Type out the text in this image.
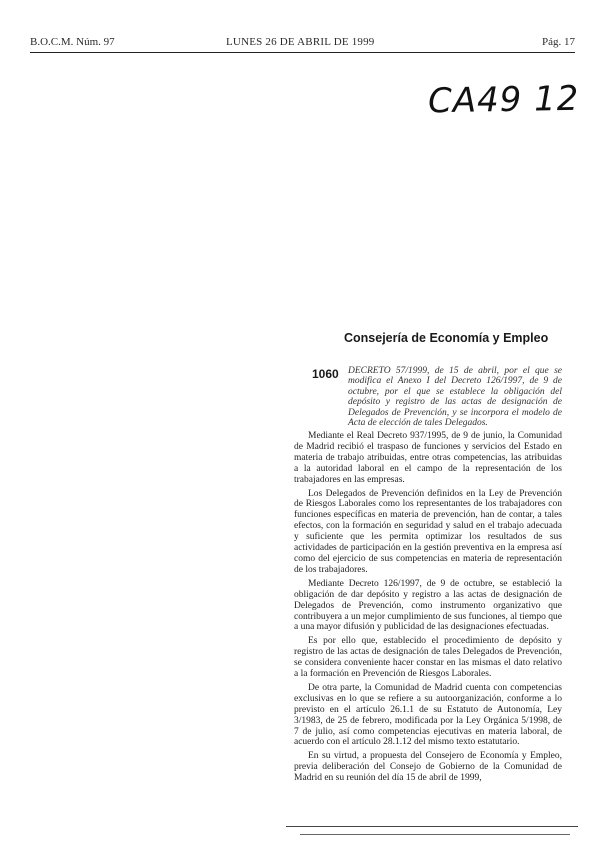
B.O.C.M. Núm. 97	LUNES 26 DE ABRIL DE 1999	Pág. 17
CA49 12
Consejería de Economía y Empleo
1060 DECRETO 57/1999, de 15 de abril, por el que se modifica el Anexo I del Decreto 126/1997, de 9 de octubre, por el que se establece la obligación del depósito y registro de las actas de designación de Delegados de Prevención, y se incorpora el modelo de Acta de elección de tales Delegados.

Mediante el Real Decreto 937/1995, de 9 de junio, la Comunidad de Madrid recibió el traspaso de funciones y servicios del Estado en materia de trabajo atribuidas, entre otras competencias, las atribuidas a la autoridad laboral en el campo de la representación de los trabajadores en las empresas.

Los Delegados de Prevención definidos en la Ley de Prevención de Riesgos Laborales como los representantes de los trabajadores con funciones específicas en materia de prevención, han de contar, a tales efectos, con la formación en seguridad y salud en el trabajo adecuada y suficiente que les permita optimizar los resultados de sus actividades de participación en la gestión preventiva en la empresa así como del ejercicio de sus competencias en materia de representación de los trabajadores.

Mediante Decreto 126/1997, de 9 de octubre, se estableció la obligación de dar depósito y registro a las actas de designación de Delegados de Prevención, como instrumento organizativo que contribuyera a un mejor cumplimiento de sus funciones, al tiempo que a una mayor difusión y publicidad de las designaciones efectuadas.

Es por ello que, establecido el procedimiento de depósito y registro de las actas de designación de tales Delegados de Prevención, se considera conveniente hacer constar en las mismas el dato relativo a la formación en Prevención de Riesgos Laborales.

De otra parte, la Comunidad de Madrid cuenta con competencias exclusivas en lo que se refiere a su autoorganización, conforme a lo previsto en el artículo 26.1.1 de su Estatuto de Autonomía, Ley 3/1983, de 25 de febrero, modificada por la Ley Orgánica 5/1998, de 7 de julio, así como competencias ejecutivas en materia laboral, de acuerdo con el artículo 28.1.12 del mismo texto estatutario.

En su virtud, a propuesta del Consejero de Economía y Empleo, previa deliberación del Consejo de Gobierno de la Comunidad de Madrid en su reunión del día 15 de abril de 1999,
